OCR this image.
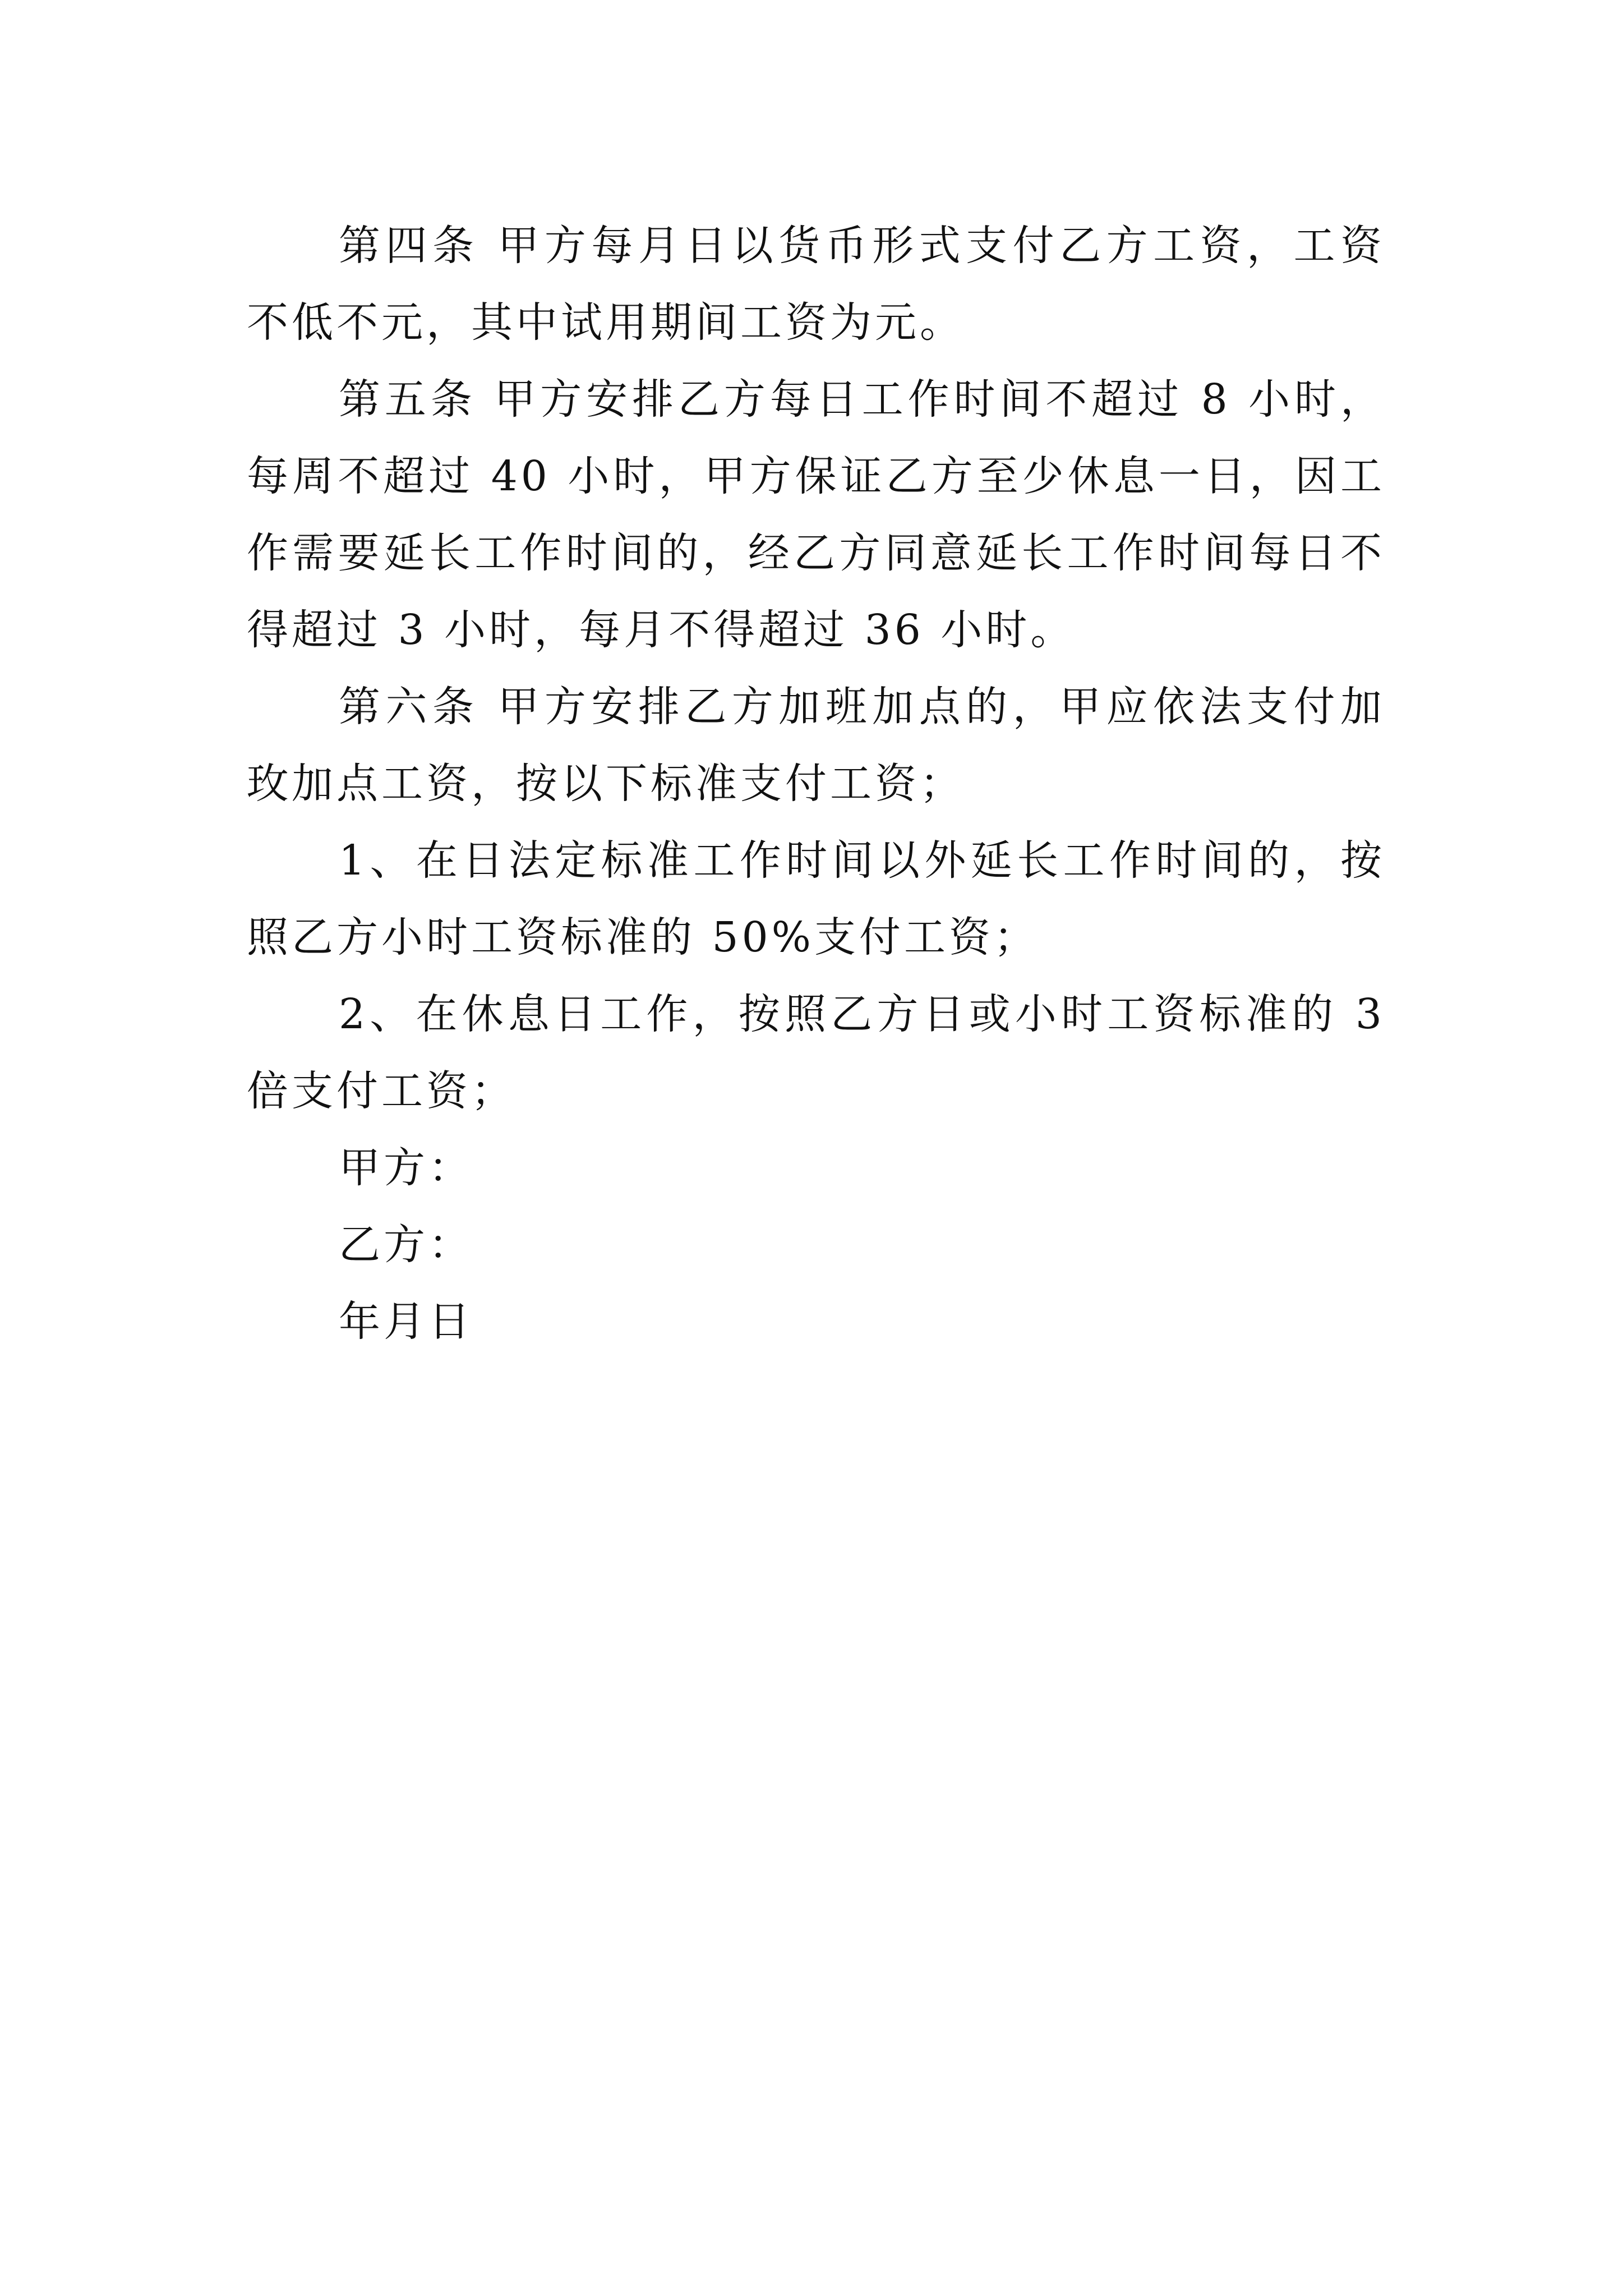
第四条 甲方每月日以货币形式支付乙方工资，工资不低不元，其中试用期间工资为元。

第五条 甲方安排乙方每日工作时间不超过 8 小时，每周不超过 40 小时，甲方保证乙方至少休息一日，因工作需要延长工作时间的，经乙方同意延长工作时间每日不得超过 3 小时，每月不得超过 36 小时。

第六条 甲方安排乙方加班加点的，甲应依法支付加玫加点工资，按以下标准支付工资；

1、在日法定标准工作时间以外延长工作时间的，按照乙方小时工资标准的 50%支付工资；

2、在休息日工作，按照乙方日或小时工资标准的 3 倍支付工资；

甲方：

乙方：

年月日
